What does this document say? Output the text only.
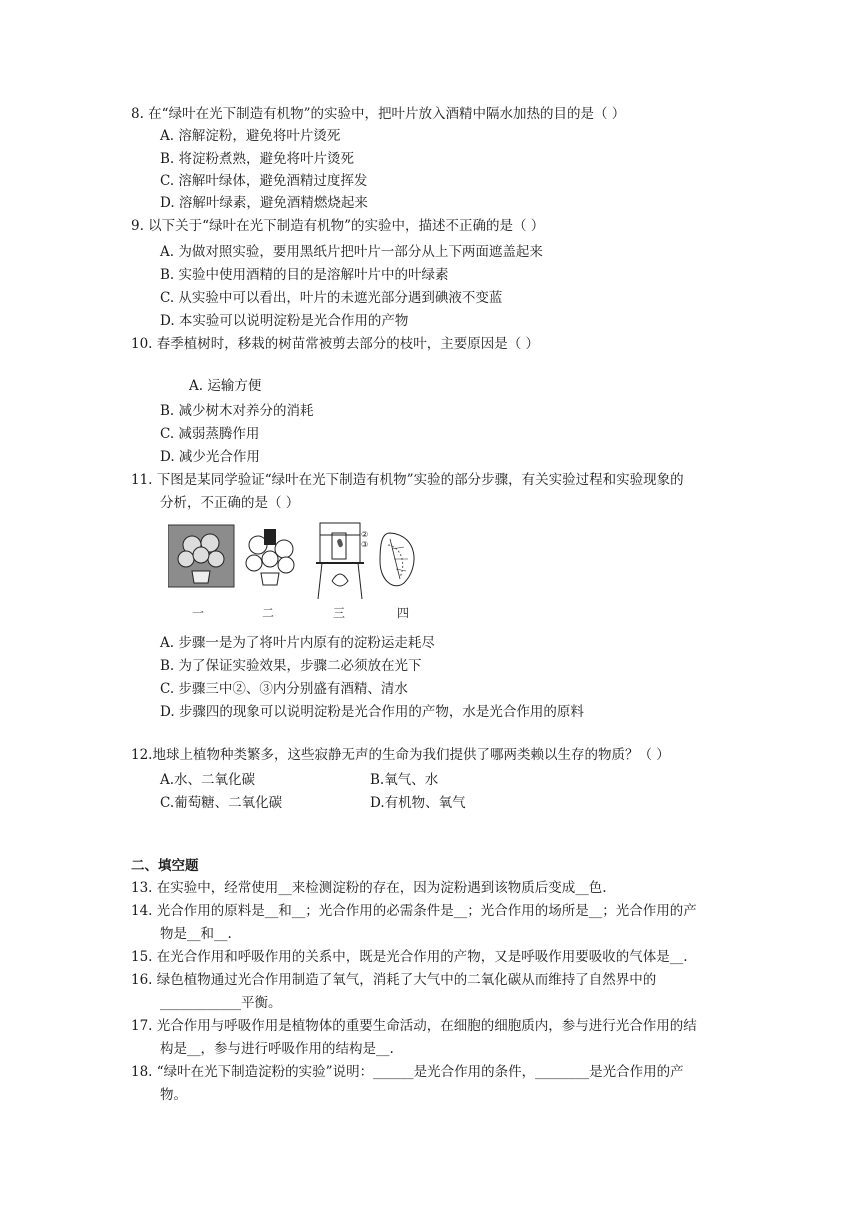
8. 在“绿叶在光下制造有机物”的实验中，把叶片放入酒精中隔水加热的目的是（ ）
A. 溶解淀粉，避免将叶片烫死
B. 将淀粉煮熟，避免将叶片烫死
C. 溶解叶绿体，避免酒精过度挥发
D. 溶解叶绿素，避免酒精燃烧起来
9. 以下关于“绿叶在光下制造有机物”的实验中，描述不正确的是（ ）
A. 为做对照实验，要用黑纸片把叶片一部分从上下两面遮盖起来
B. 实验中使用酒精的目的是溶解叶片中的叶绿素
C. 从实验中可以看出，叶片的未遮光部分遇到碘液不变蓝
D. 本实验可以说明淀粉是光合作用的产物
10. 春季植树时，移栽的树苗常被剪去部分的枝叶，主要原因是（ ）
A. 运输方便
B. 减少树木对养分的消耗
C. 减弱蒸腾作用
D. 减少光合作用
11. 下图是某同学验证“绿叶在光下制造有机物”实验的部分步骤，有关实验过程和实验现象的
分析，不正确的是（ ）
②
③
一	二	三	四
A. 步骤一是为了将叶片内原有的淀粉运走耗尽
B. 为了保证实验效果，步骤二必须放在光下
C. 步骤三中②、③内分别盛有酒精、清水
D. 步骤四的现象可以说明淀粉是光合作用的产物，水是光合作用的原料
12.地球上植物种类繁多，这些寂静无声的生命为我们提供了哪两类赖以生存的物质？（ ）
A.水、二氧化碳	B.氧气、水
C.葡萄糖、二氧化碳	D.有机物、氧气
二、填空题
13. 在实验中，经常使用__来检测淀粉的存在，因为淀粉遇到该物质后变成__色.
14. 光合作用的原料是__和__；光合作用的必需条件是__；光合作用的场所是__；光合作用的产
物是__和__.
15. 在光合作用和呼吸作用的关系中，既是光合作用的产物，又是呼吸作用要吸收的气体是__.
16. 绿色植物通过光合作用制造了氧气，消耗了大气中的二氧化碳从而维持了自然界中的
____________平衡。
17. 光合作用与呼吸作用是植物体的重要生命活动，在细胞的细胞质内，参与进行光合作用的结
构是__，参与进行呼吸作用的结构是__.
18. “绿叶在光下制造淀粉的实验”说明：______是光合作用的条件，________是光合作用的产
物。
